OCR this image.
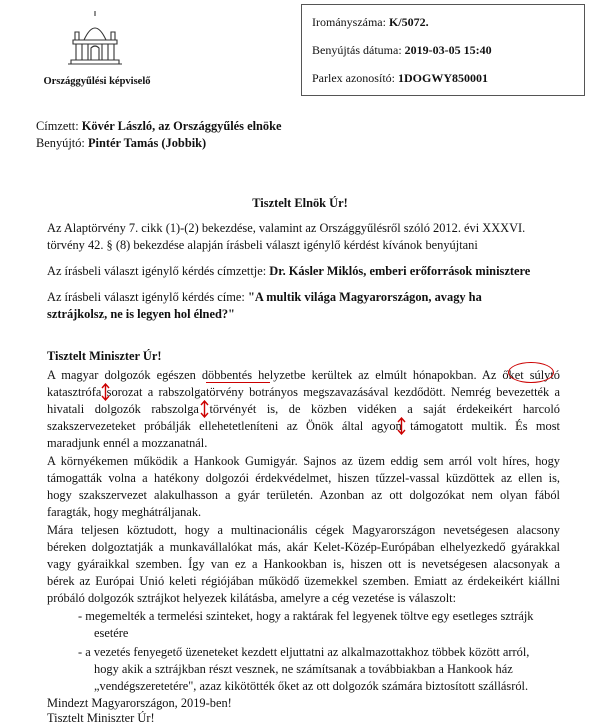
Országgyűlési képviselő
Irományszáma: K/5072.
Benyújtás dátuma: 2019-03-05 15:40
Parlex azonosító: 1DOGWY850001
Címzett: Kövér László, az Országgyűlés elnöke
Benyújtó: Pintér Tamás (Jobbik)
Tisztelt Elnök Úr!
Az Alaptörvény 7. cikk (1)-(2) bekezdése, valamint az Országgyűlésről szóló 2012. évi XXXVI.
törvény 42. § (8) bekezdése alapján írásbeli választ igénylő kérdést kívánok benyújtani
Az írásbeli választ igénylő kérdés címzettje: Dr. Kásler Miklós, emberi erőforrások minisztere
Az írásbeli választ igénylő kérdés címe: "A multik világa Magyarországon, avagy ha
sztrájkolsz, ne is legyen hol élned?"
Tisztelt Miniszter Úr!
A magyar dolgozók egészen döbbentés helyzetbe kerültek az elmúlt hónapokban. Az őket súlytó
katasztrófa sorozat a rabszolgatörvény botrányos megszavazásával kezdődött. Nemrég bevezették a
hivatali dolgozók rabszolga törvényét is, de közben vidéken a saját érdekeikért harcoló
szakszervezeteket próbálják ellehetetleníteni az Önök által agyon támogatott multik. És most
maradjunk ennél a mozzanatnál.
A környékemen működik a Hankook Gumigyár. Sajnos az üzem eddig sem arról volt híres, hogy
támogatták volna a hatékony dolgozói érdekvédelmet, hiszen tűzzel-vassal küzdöttek az ellen is,
hogy szakszervezet alakulhasson a gyár területén. Azonban az ott dolgozókat nem olyan fából
faragták, hogy meghátráljanak.
Mára teljesen köztudott, hogy a multinacionális cégek Magyarországon nevetségesen alacsony
béreken dolgoztatják a munkavállalókat más, akár Kelet-Közép-Európában elhelyezkedő gyárakkal
vagy gyáraikkal szemben. Így van ez a Hankookban is, hiszen ott is nevetségesen alacsonyak a
bérek az Európai Unió keleti régiójában működő üzemekkel szemben. Emiatt az érdekeikért kiállni
próbáló dolgozók sztrájkot helyezek kilátásba, amelyre a cég vezetése is válaszolt:
- megemelték a termelési szinteket, hogy a raktárak fel legyenek töltve egy esetleges sztrájk
esetére
- a vezetés fenyegető üzeneteket kezdett eljuttatni az alkalmazottakhoz többek között arról,
hogy akik a sztrájkban részt vesznek, ne számítsanak a továbbiakban a Hankook ház
„vendégszeretetére", azaz kikötötték őket az ott dolgozók számára biztosított szállásról.
Mindezt Magyarországon, 2019-ben!
Tisztelt Miniszter Úr!
